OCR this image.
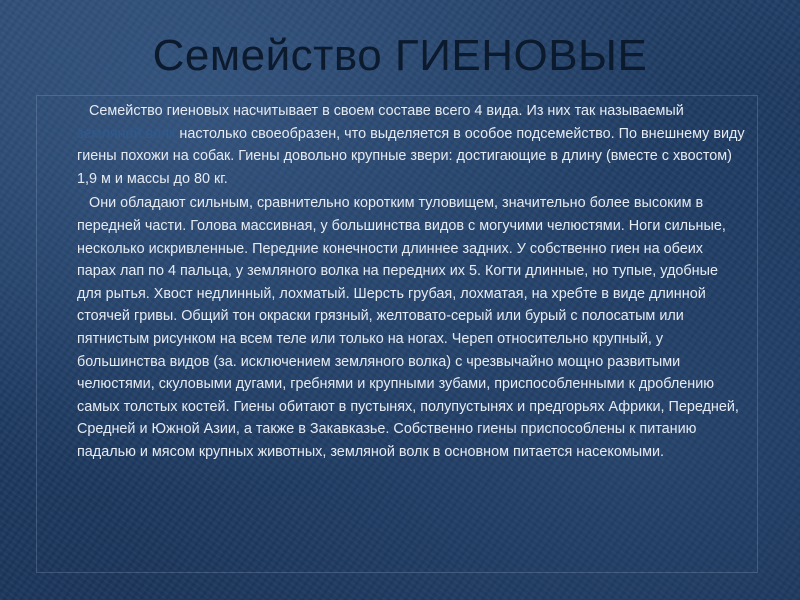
Семейство ГИЕНОВЫЕ

Семейство гиеновых насчитывает в своем составе всего 4 вида. Из них так называемый земляной волк настолько своеобразен, что выделяется в особое подсемейство. По внешнему виду гиены похожи на собак. Гиены довольно крупные звери: достигающие в длину (вместе с хвостом) 1,9 м и массы до 80 кг.

Они обладают сильным, сравнительно коротким туловищем, значительно более высоким в передней части. Голова массивная, у большинства видов с могучими челюстями. Ноги сильные, несколько искривленные. Передние конечности длиннее задних. У собственно гиен на обеих парах лап по 4 пальца, у земляного волка на передних их 5. Когти длинные, но тупые, удобные для рытья. Хвост недлинный, лохматый. Шерсть грубая, лохматая, на хребте в виде длинной стоячей гривы. Общий тон окраски грязный, желтовато-серый или бурый с полосатым или пятнистым рисунком на всем теле или только на ногах. Череп относительно крупный, у большинства видов (за. исключением земляного волка) с чрезвычайно мощно развитыми челюстями, скуловыми дугами, гребнями и крупными зубами, приспособленными к дроблению самых толстых костей. Гиены обитают в пустынях, полупустынях и предгорьях Африки, Передней, Средней и Южной Азии, а также в Закавказье. Собственно гиены приспособлены к питанию падалью и мясом крупных животных, земляной волк в основном питается насекомыми.
